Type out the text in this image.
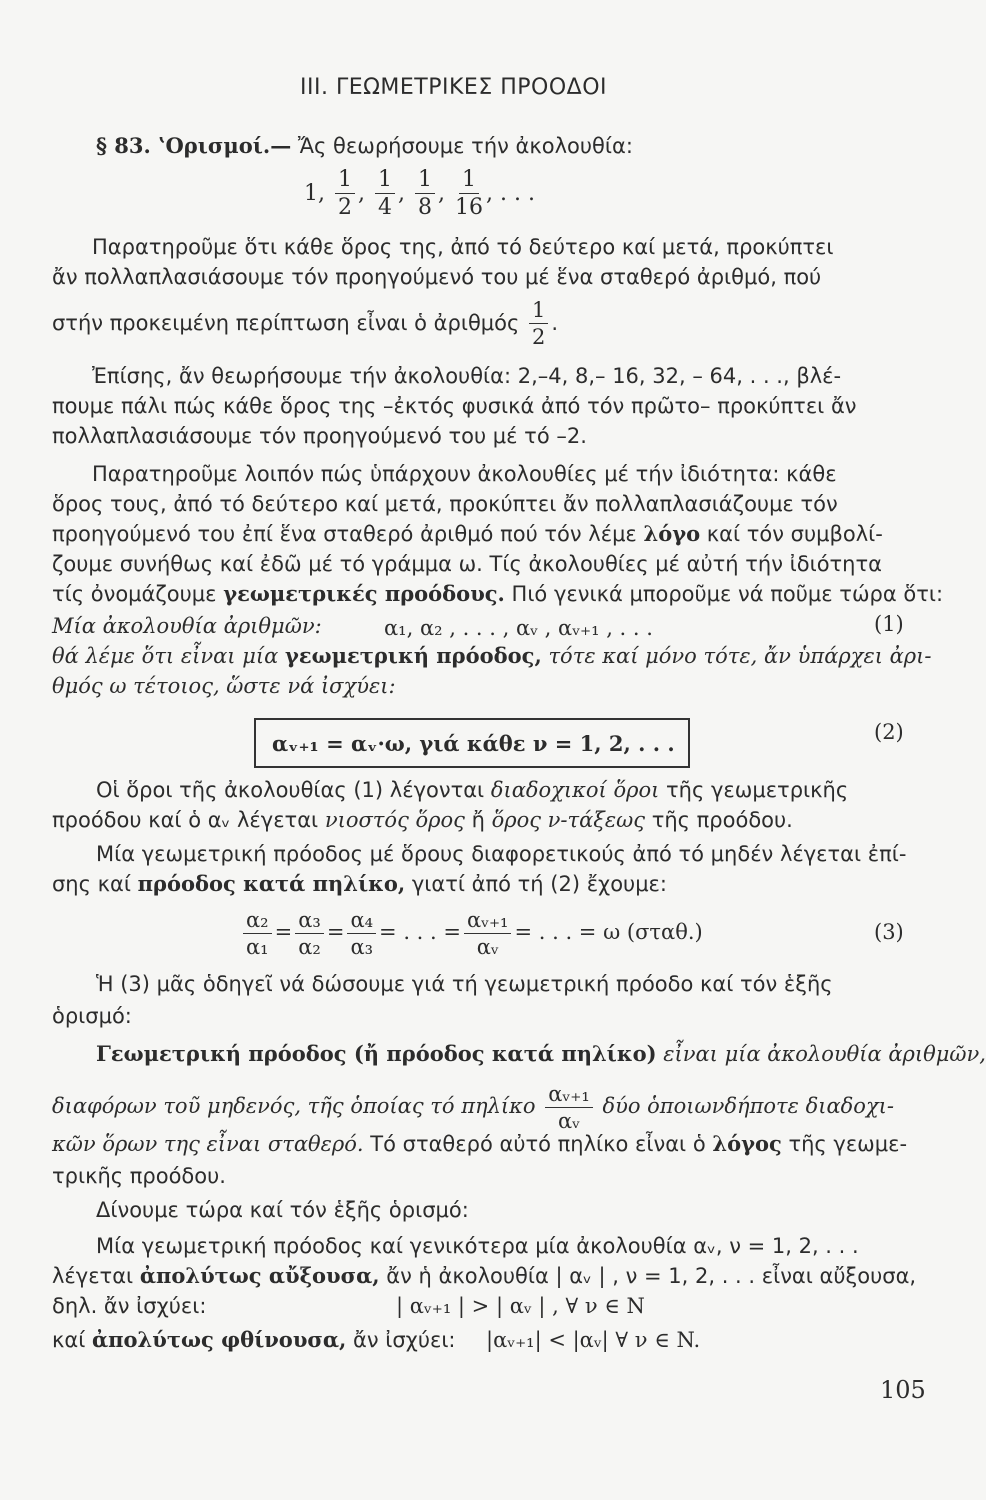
III. ΓΕΩΜΕΤΡΙΚΕΣ ΠΡΟΟΔΟΙ
§ 83. ʽΟρισμοί.— Ἄς θεωρήσουμε τήν ἀκολουθία:
1, $\frac{1}{2}$ , $\frac{1}{4}$ , $\frac{1}{8}$ , $\frac{1}{16}$ , . . .
Παρατηροῦμε ὅτι κάθε ὅρος της, ἀπό τό δεύτερο καί μετά, προκύπτει
ἄν πολλαπλασιάσουμε τόν προηγούμενό του μέ ἕνα σταθερό ἀριθμό, πού
στήν προκειμένη περίπτωση εἶναι ὁ ἀριθμός $\frac{1}{2}$ .
Ἐπίσης, ἄν θεωρήσουμε τήν ἀκολουθία: 2,–4, 8,– 16, 32, – 64, . . ., βλέ-
πουμε πάλι πώς κάθε ὅρος της –ἐκτός φυσικά ἀπό τόν πρῶτο– προκύπτει ἄν
πολλαπλασιάσουμε τόν προηγούμενό του μέ τό –2.
Παρατηροῦμε λοιπόν πώς ὑπάρχουν ἀκολουθίες μέ τήν ἰδιότητα: κάθε
ὅρος τους, ἀπό τό δεύτερο καί μετά, προκύπτει ἄν πολλαπλασιάζουμε τόν
προηγούμενό του ἐπί ἕνα σταθερό ἀριθμό πού τόν λέμε λόγο καί τόν συμβολί-
ζουμε συνήθως καί ἐδῶ μέ τό γράμμα ω. Τίς ἀκολουθίες μέ αὐτή τήν ἰδιότητα
τίς ὀνομάζουμε γεωμετρικές προόδους. Πιό γενικά μποροῦμε νά ποῦμε τώρα ὅτι:
Μία ἀκολουθία ἀριθμῶν:	α₁, α₂ , . . . , αᵥ , αᵥ₊₁ , . . .	(1)
θά λέμε ὅτι εἶναι μία γεωμετρική πρόοδος, τότε καί μόνο τότε, ἄν ὑπάρχει ἀρι-
θμός ω τέτοιος, ὥστε νά ἰσχύει:
αᵥ₊₁ = αᵥ·ω, γιά κάθε ν = 1, 2, . . .	(2)
Οἱ ὅροι τῆς ἀκολουθίας (1) λέγονται διαδοχικοί ὅροι τῆς γεωμετρικῆς
προόδου καί ὁ αᵥ λέγεται νιοστός ὅρος ἤ ὅρος ν-τάξεως τῆς προόδου.
Μία γεωμετρική πρόοδος μέ ὅρους διαφορετικούς ἀπό τό μηδέν λέγεται ἐπί-
σης καί πρόοδος κατά πηλίκο, γιατί ἀπό τή (2) ἔχουμε:
$\frac{\text{α₂}}{\text{α₁}} = \frac{\text{α₃}}{\text{α₂}} = \frac{\text{α₄}}{\text{α₃}}$ = . . . = $\frac{\text{αᵥ₊₁}}{\text{αᵥ}}$ = . . . = ω (σταθ.)	(3)
Ἡ (3) μᾶς ὁδηγεῖ νά δώσουμε γιά τή γεωμετρική πρόοδο καί τόν ἑξῆς
ὁρισμό:
Γεωμετρική πρόοδος (ἤ πρόοδος κατά πηλίκο) εἶναι μία ἀκολουθία ἀριθμῶν,
διαφόρων τοῦ μηδενός, τῆς ὁποίας τό πηλίκο $\frac{\text{αᵥ₊₁}}{\text{αᵥ}}$ δύο ὁποιωνδήποτε διαδοχι-
κῶν ὅρων της εἶναι σταθερό. Τό σταθερό αὐτό πηλίκο εἶναι ὁ λόγος τῆς γεωμε-
τρικῆς προόδου.
Δίνουμε τώρα καί τόν ἑξῆς ὁρισμό:
Μία γεωμετρική πρόοδος καί γενικότερα μία ἀκολουθία αᵥ, ν = 1, 2, . . .
λέγεται ἀπολύτως αὔξουσα, ἄν ἡ ἀκολουθία | αᵥ | , ν = 1, 2, . . . εἶναι αὔξουσα,
δηλ. ἄν ἰσχύει:	| αᵥ₊₁ | > | αᵥ | , ∀ ν ∈ N
καί ἀπολύτως φθίνουσα, ἄν ἰσχύει: |αᵥ₊₁| < |αᵥ| ∀ ν ∈ N.
105
